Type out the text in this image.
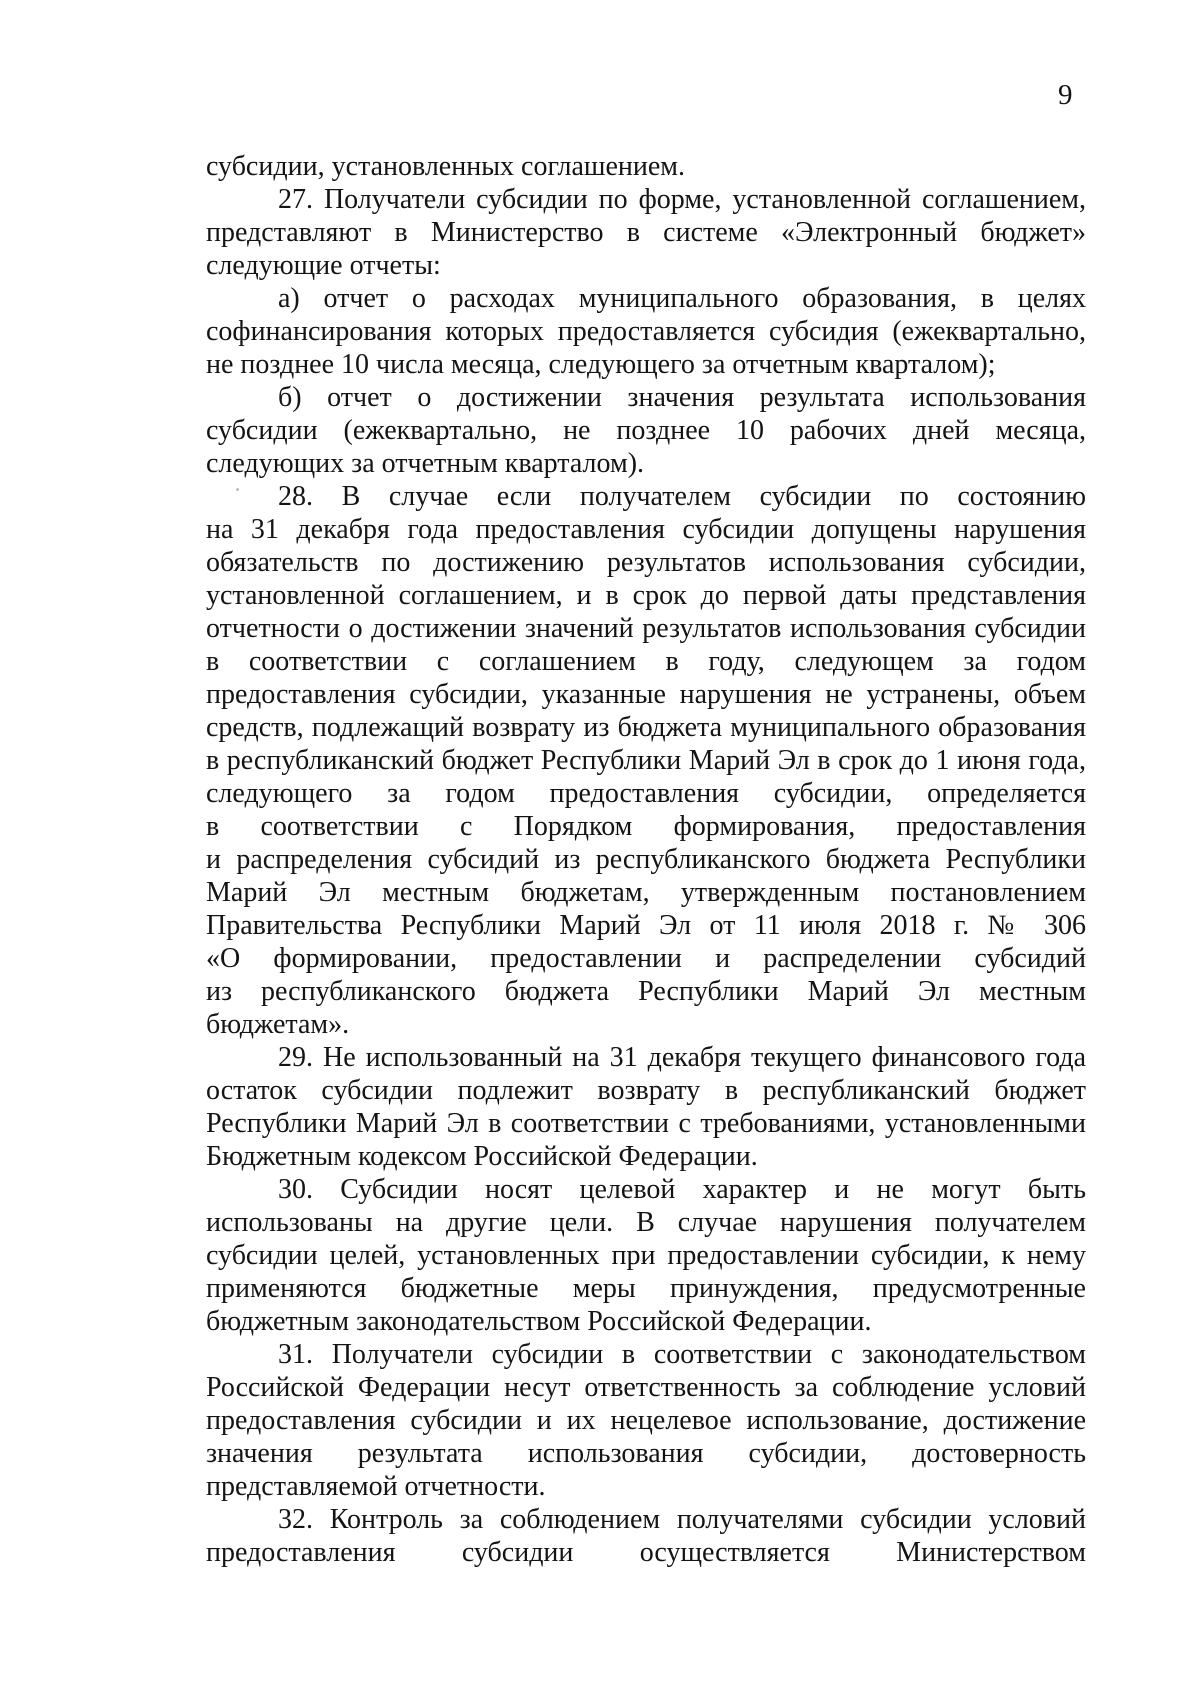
9
субсидии, установленных соглашением.
27. Получатели субсидии по форме, установленной соглашением,
представляют в Министерство в системе «Электронный бюджет»
следующие отчеты:
а) отчет о расходах муниципального образования, в целях
софинансирования которых предоставляется субсидия (ежеквартально,
не позднее 10 числа месяца, следующего за отчетным кварталом);
б) отчет о достижении значения результата использования
субсидии (ежеквартально, не позднее 10 рабочих дней месяца,
следующих за отчетным кварталом).
28. В случае если получателем субсидии по состоянию
на 31 декабря года предоставления субсидии допущены нарушения
обязательств по достижению результатов использования субсидии,
установленной соглашением, и в срок до первой даты представления
отчетности о достижении значений результатов использования субсидии
в соответствии с соглашением в году, следующем за годом
предоставления субсидии, указанные нарушения не устранены, объем
средств, подлежащий возврату из бюджета муниципального образования
в республиканский бюджет Республики Марий Эл в срок до 1 июня года,
следующего за годом предоставления субсидии, определяется
в соответствии с Порядком формирования, предоставления
и распределения субсидий из республиканского бюджета Республики
Марий Эл местным бюджетам, утвержденным постановлением
Правительства Республики Марий Эл от 11 июля 2018 г. № 306
«О формировании, предоставлении и распределении субсидий
из республиканского бюджета Республики Марий Эл местным
бюджетам».
29. Не использованный на 31 декабря текущего финансового года
остаток субсидии подлежит возврату в республиканский бюджет
Республики Марий Эл в соответствии с требованиями, установленными
Бюджетным кодексом Российской Федерации.
30. Субсидии носят целевой характер и не могут быть
использованы на другие цели. В случае нарушения получателем
субсидии целей, установленных при предоставлении субсидии, к нему
применяются бюджетные меры принуждения, предусмотренные
бюджетным законодательством Российской Федерации.
31. Получатели субсидии в соответствии с законодательством
Российской Федерации несут ответственность за соблюдение условий
предоставления субсидии и их нецелевое использование, достижение
значения результата использования субсидии, достоверность
представляемой отчетности.
32. Контроль за соблюдением получателями субсидии условий
предоставления субсидии осуществляется Министерством
